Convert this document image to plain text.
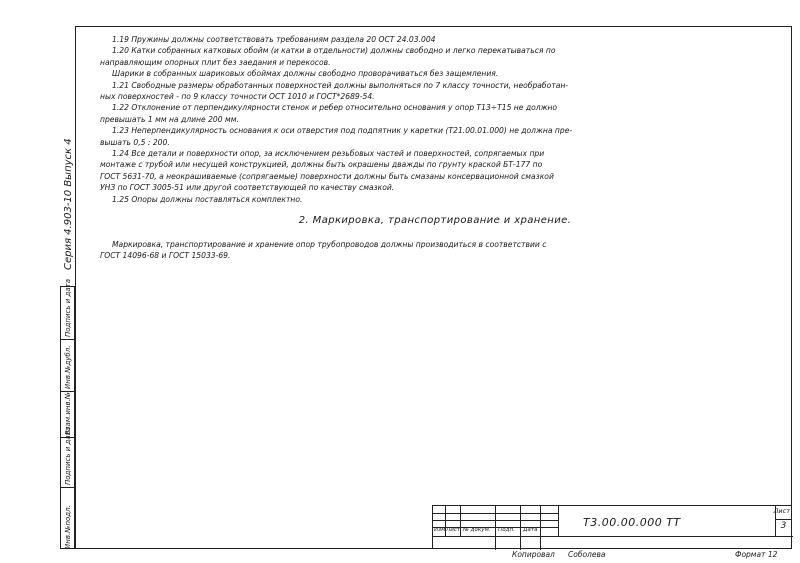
Серия 4.903-10 Выпуск 4
Инв.№подл.
Подпись и дата
Взам.инв.№
Инв.№дубл.
Подпись и дата

1.19 Пружины должны соответствовать требованиям раздела 20 ОСТ 24.03.004

1.20 Катки собранных катковых обойм (и катки в отдельности) должны свободно и легко перекатываться по

направляющим опорных плит без заедания и перекосов.

Шарики в собранных шариковых обоймах должны свободно проворачиваться без защемления.

1.21 Свободные размеры обработанных поверхностей должны выполняться по 7 классу точности, необработан-

ных поверхностей - по 9 классу точности ОСТ 1010 и ГОСТ*2689-54.

1.22 Отклонение от перпендикулярности стенок и ребер относительно основания у опор Т13÷Т15 не должно

превышать 1 мм на длине 200 мм.

1.23 Неперпендикулярность основания к оси отверстия под подпятник у каретки (Т21.00.01.000) не должна пре-

вышать 0,5 : 200.

1.24 Все детали и поверхности опор, за исключением резьбовых частей и поверхностей, сопрягаемых при

монтаже с трубой или несущей конструкцией, должны быть окрашены дважды по грунту краской БТ-177 по

ГОСТ 5631-70, а неокрашиваемые (сопрягаемые) поверхности должны быть смазаны консервационной смазкой

УНЗ по ГОСТ 3005-51 или другой соответствующей по качеству смазкой.

1.25 Опоры должны поставляться комплектно.

2. Маркировка, транспортирование и хранение.

Маркировка, транспортирование и хранение опор трубопроводов должны производиться в соответствии с

ГОСТ 14096-68 и ГОСТ 15033-69.

Изм Лист № докум. Подп. Дата
Т3.00.00.000 ТТ
Лист
3
Копировал Соболева	Формат 12
